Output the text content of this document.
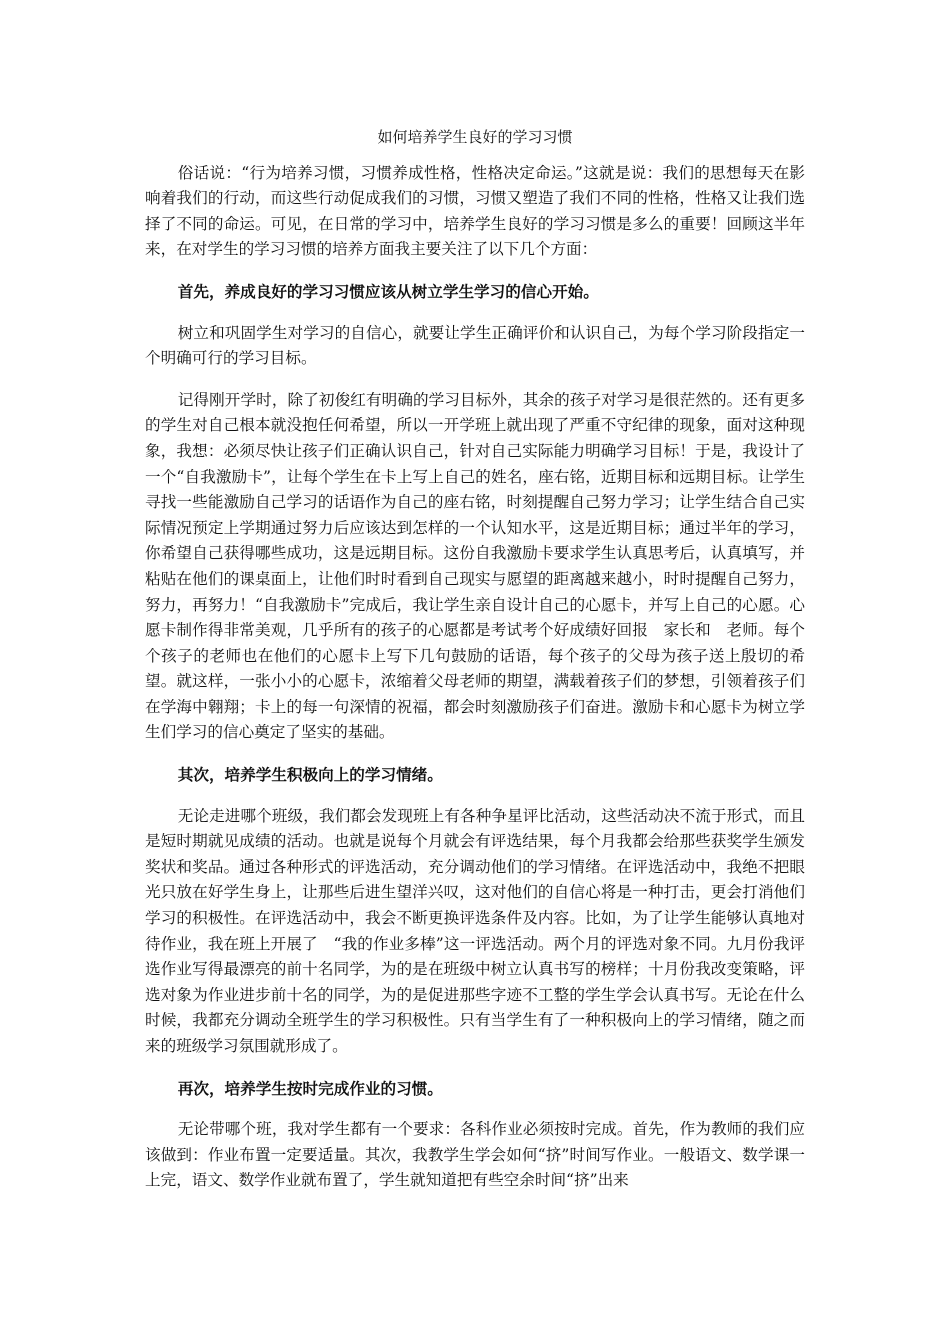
如何培养学生良好的学习习惯

俗话说：“行为培养习惯，习惯养成性格，性格决定命运。”这就是说：我们的思想每天在影响着我们的行动，而这些行动促成我们的习惯，习惯又塑造了我们不同的性格，性格又让我们选择了不同的命运。可见，在日常的学习中，培养学生良好的学习习惯是多么的重要！回顾这半年来，在对学生的学习习惯的培养方面我主要关注了以下几个方面：

首先，养成良好的学习习惯应该从树立学生学习的信心开始。

树立和巩固学生对学习的自信心，就要让学生正确评价和认识自己，为每个学习阶段指定一个明确可行的学习目标。

记得刚开学时，除了初俊红有明确的学习目标外，其余的孩子对学习是很茫然的。还有更多的学生对自己根本就没抱任何希望，所以一开学班上就出现了严重不守纪律的现象，面对这种现象，我想：必须尽快让孩子们正确认识自己，针对自己实际能力明确学习目标！于是，我设计了一个“自我激励卡”，让每个学生在卡上写上自己的姓名，座右铭，近期目标和远期目标。让学生寻找一些能激励自己学习的话语作为自己的座右铭，时刻提醒自己努力学习；让学生结合自己实际情况预定上学期通过努力后应该达到怎样的一个认知水平，这是近期目标；通过半年的学习，你希望自己获得哪些成功，这是远期目标。这份自我激励卡要求学生认真思考后，认真填写，并粘贴在他们的课桌面上，让他们时时看到自己现实与愿望的距离越来越小，时时提醒自己努力，努力，再努力！“自我激励卡”完成后，我让学生亲自设计自己的心愿卡，并写上自己的心愿。心愿卡制作得非常美观，几乎所有的孩子的心愿都是考试考个好成绩好回报　家长和　老师。每个个孩子的老师也在他们的心愿卡上写下几句鼓励的话语，每个孩子的父母为孩子送上殷切的希望。就这样，一张小小的心愿卡，浓缩着父母老师的期望，满载着孩子们的梦想，引领着孩子们在学海中翱翔；卡上的每一句深情的祝福，都会时刻激励孩子们奋进。激励卡和心愿卡为树立学生们学习的信心奠定了坚实的基础。

其次，培养学生积极向上的学习情绪。

无论走进哪个班级，我们都会发现班上有各种争星评比活动，这些活动决不流于形式，而且是短时期就见成绩的活动。也就是说每个月就会有评选结果，每个月我都会给那些获奖学生颁发奖状和奖品。通过各种形式的评选活动，充分调动他们的学习情绪。在评选活动中，我绝不把眼光只放在好学生身上，让那些后进生望洋兴叹，这对他们的自信心将是一种打击，更会打消他们学习的积极性。在评选活动中，我会不断更换评选条件及内容。比如，为了让学生能够认真地对待作业，我在班上开展了　“我的作业多棒”这一评选活动。两个月的评选对象不同。九月份我评选作业写得最漂亮的前十名同学，为的是在班级中树立认真书写的榜样；十月份我改变策略，评选对象为作业进步前十名的同学，为的是促进那些字迹不工整的学生学会认真书写。无论在什么时候，我都充分调动全班学生的学习积极性。只有当学生有了一种积极向上的学习情绪，随之而来的班级学习氛围就形成了。

再次，培养学生按时完成作业的习惯。

无论带哪个班，我对学生都有一个要求：各科作业必须按时完成。首先，作为教师的我们应该做到：作业布置一定要适量。其次，我教学生学会如何“挤”时间写作业。一般语文、数学课一上完，语文、数学作业就布置了，学生就知道把有些空余时间“挤”出来
